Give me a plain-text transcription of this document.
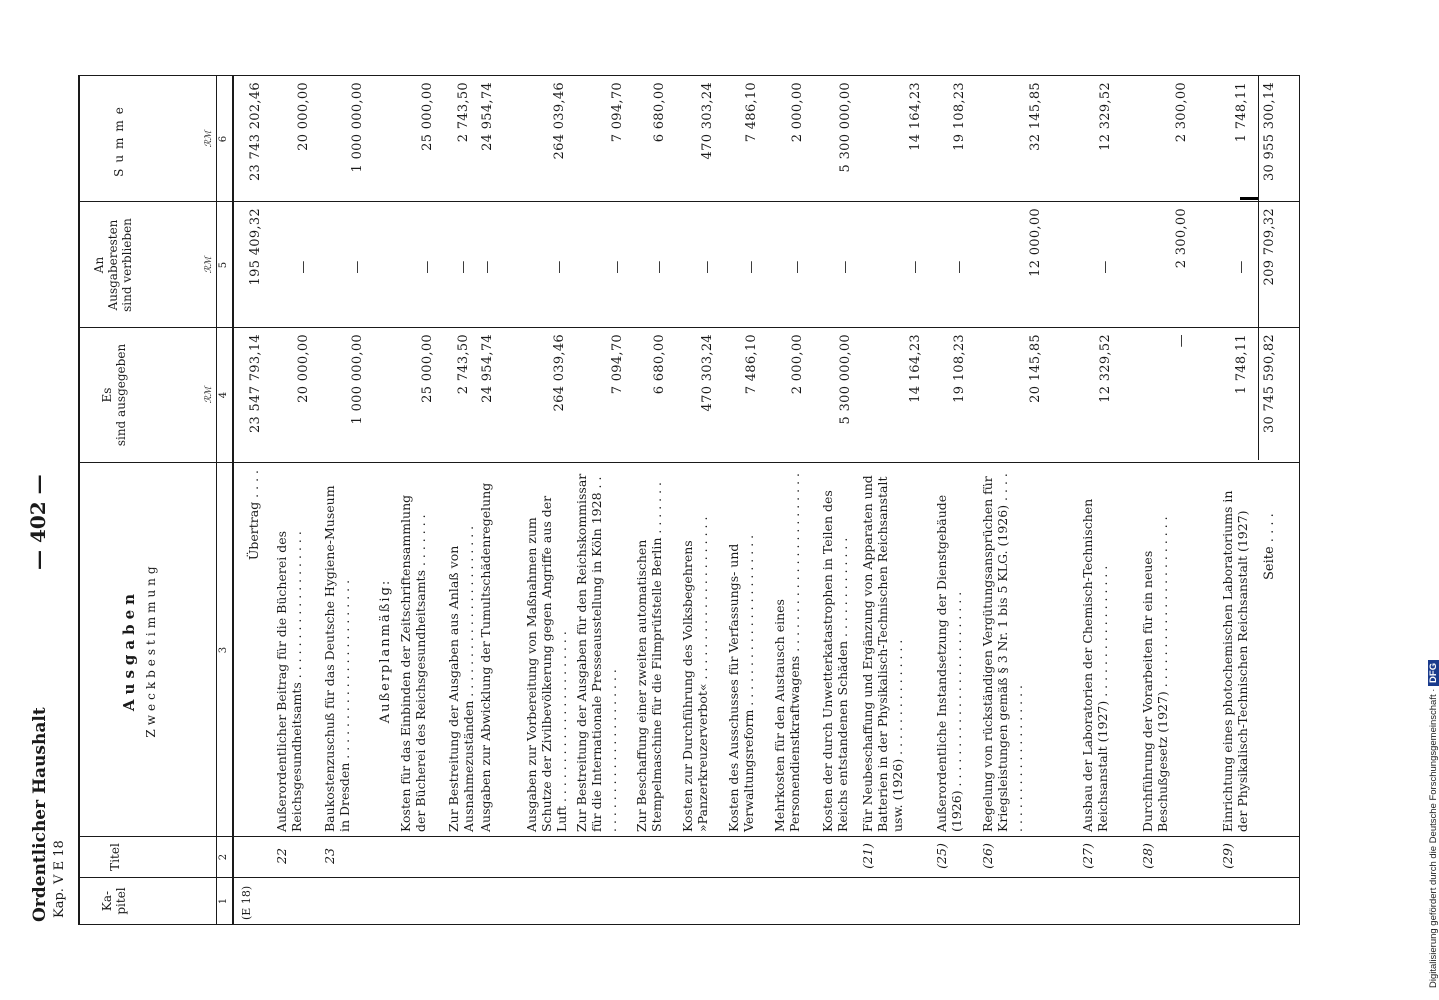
Ordentlicher Haushalt Kap. V E 18
— 402 —
Ka-
pitel
Titel
Ausgaben Zweckbestimmung
Es
sind ausgegeben
An
Ausgaberesten
sind verblieben
Summe
ℛℳ
ℛℳ
ℛℳ
1
2
3
4
5
6
(E 18)
Übertrag . . . .
23 547 793,14
195 409,32
23 743 202,46
22
Außerordentlicher Beitrag für die Bücherei des Reichsgesundheitsamts . . . . . . . . . . . . . . . . . . .
20 000,00
—
20 000,00
23
Baukostenzuschuß für das Deutsche Hygiene-Museum in Dresden . . . . . . . . . . . . . . . . . . . . . . .
1 000 000,00
—
1 000 000,00
Außerplanmäßig: Kosten für das Einbinden der Zeitschriftensammlung der Bücherei des Reichsgesundheitsamts . . . . . . .
25 000,00
—
25 000,00
Zur Bestreitung der Ausgaben aus Anlaß von Ausnahmezuständen . . . . . . . . . . . . . . . . . . . . . .
2 743,50
—
2 743,50
Ausgaben zur Abwicklung der Tumultschädenregelung
24 954,74
—
24 954,74
Ausgaben zur Vorbereitung von Maßnahmen zum Schutze der Zivilbevölkerung gegen Angriffe aus der Luft . . . . . . . . . . . . . . . . . . . . . .
264 039,46
—
264 039,46
Zur Bestreitung der Ausgaben für den Reichskommissar für die Internationale Presseausstellung in Köln 1928 . . . . . . . . . . . . . . . . . . . . . . .
7 094,70
—
7 094,70
Zur Beschaffung einer zweiten automatischen Stempelmaschine für die Filmprüfstelle Berlin . . . . . . .
6 680,00
—
6 680,00
Kosten zur Durchführung des Volksbegehrens »Panzerkreuzerverbot« . . . . . . . . . . . . . . . . . . . . .
470 303,24
—
470 303,24
Kosten des Ausschusses für Verfassungs- und Verwaltungsreform . . . . . . . . . . . . . . . . . . . . . .
7 486,10
—
7 486,10
Mehrkosten für den Austausch eines Personendienstkraftwagens . . . . . . . . . . . . . . . . . . . . . . .
2 000,00
—
2 000,00
Kosten der durch Unwetterkatastrophen in Teilen des Reichs entstandenen Schäden . . . . . . . . . . . . .
5 300 000,00
—
5 300 000,00
(21)
Für Neubeschaffung und Ergänzung von Apparaten und Batterien in der Physikalisch-Technischen Reichsanstalt usw. (1926) . . . . . . . . . . . . . . .
14 164,23
—
14 164,23
(25)
Außerordentliche Instandsetzung der Dienstgebäude (1926) . . . . . . . . . . . . . . . . . . . . . . . . .
19 108,23
—
19 108,23
(26)
Regelung von rückständigen Vergütungsansprüchen für Kriegsleistungen gemäß § 3 Nr. 1 bis 5 KLG. (1926) . . . . . . . . . . . . . . . . . . . . . . .
20 145,85
12 000,00
32 145,85
(27)
Ausbau der Laboratorien der Chemisch-Technischen Reichsanstalt (1927) . . . . . . . . . . . . . . . . .
12 329,52
—
12 329,52
(28)
Durchführung der Vorarbeiten für ein neues Beschußgesetz (1927) . . . . . . . . . . . . . . . . . . . . . .
—
2 300,00
2 300,00
(29)
Einrichtung eines photochemischen Laboratoriums in der Physikalisch-Technischen Reichsanstalt (1927)
1 748,11
—
1 748,11
Seite . . . .
30 745 590,82
209 709,32
30 955 300,14
Digitalisierung gefördert durch die Deutsche Forschungsgemeinschaft · DFG
